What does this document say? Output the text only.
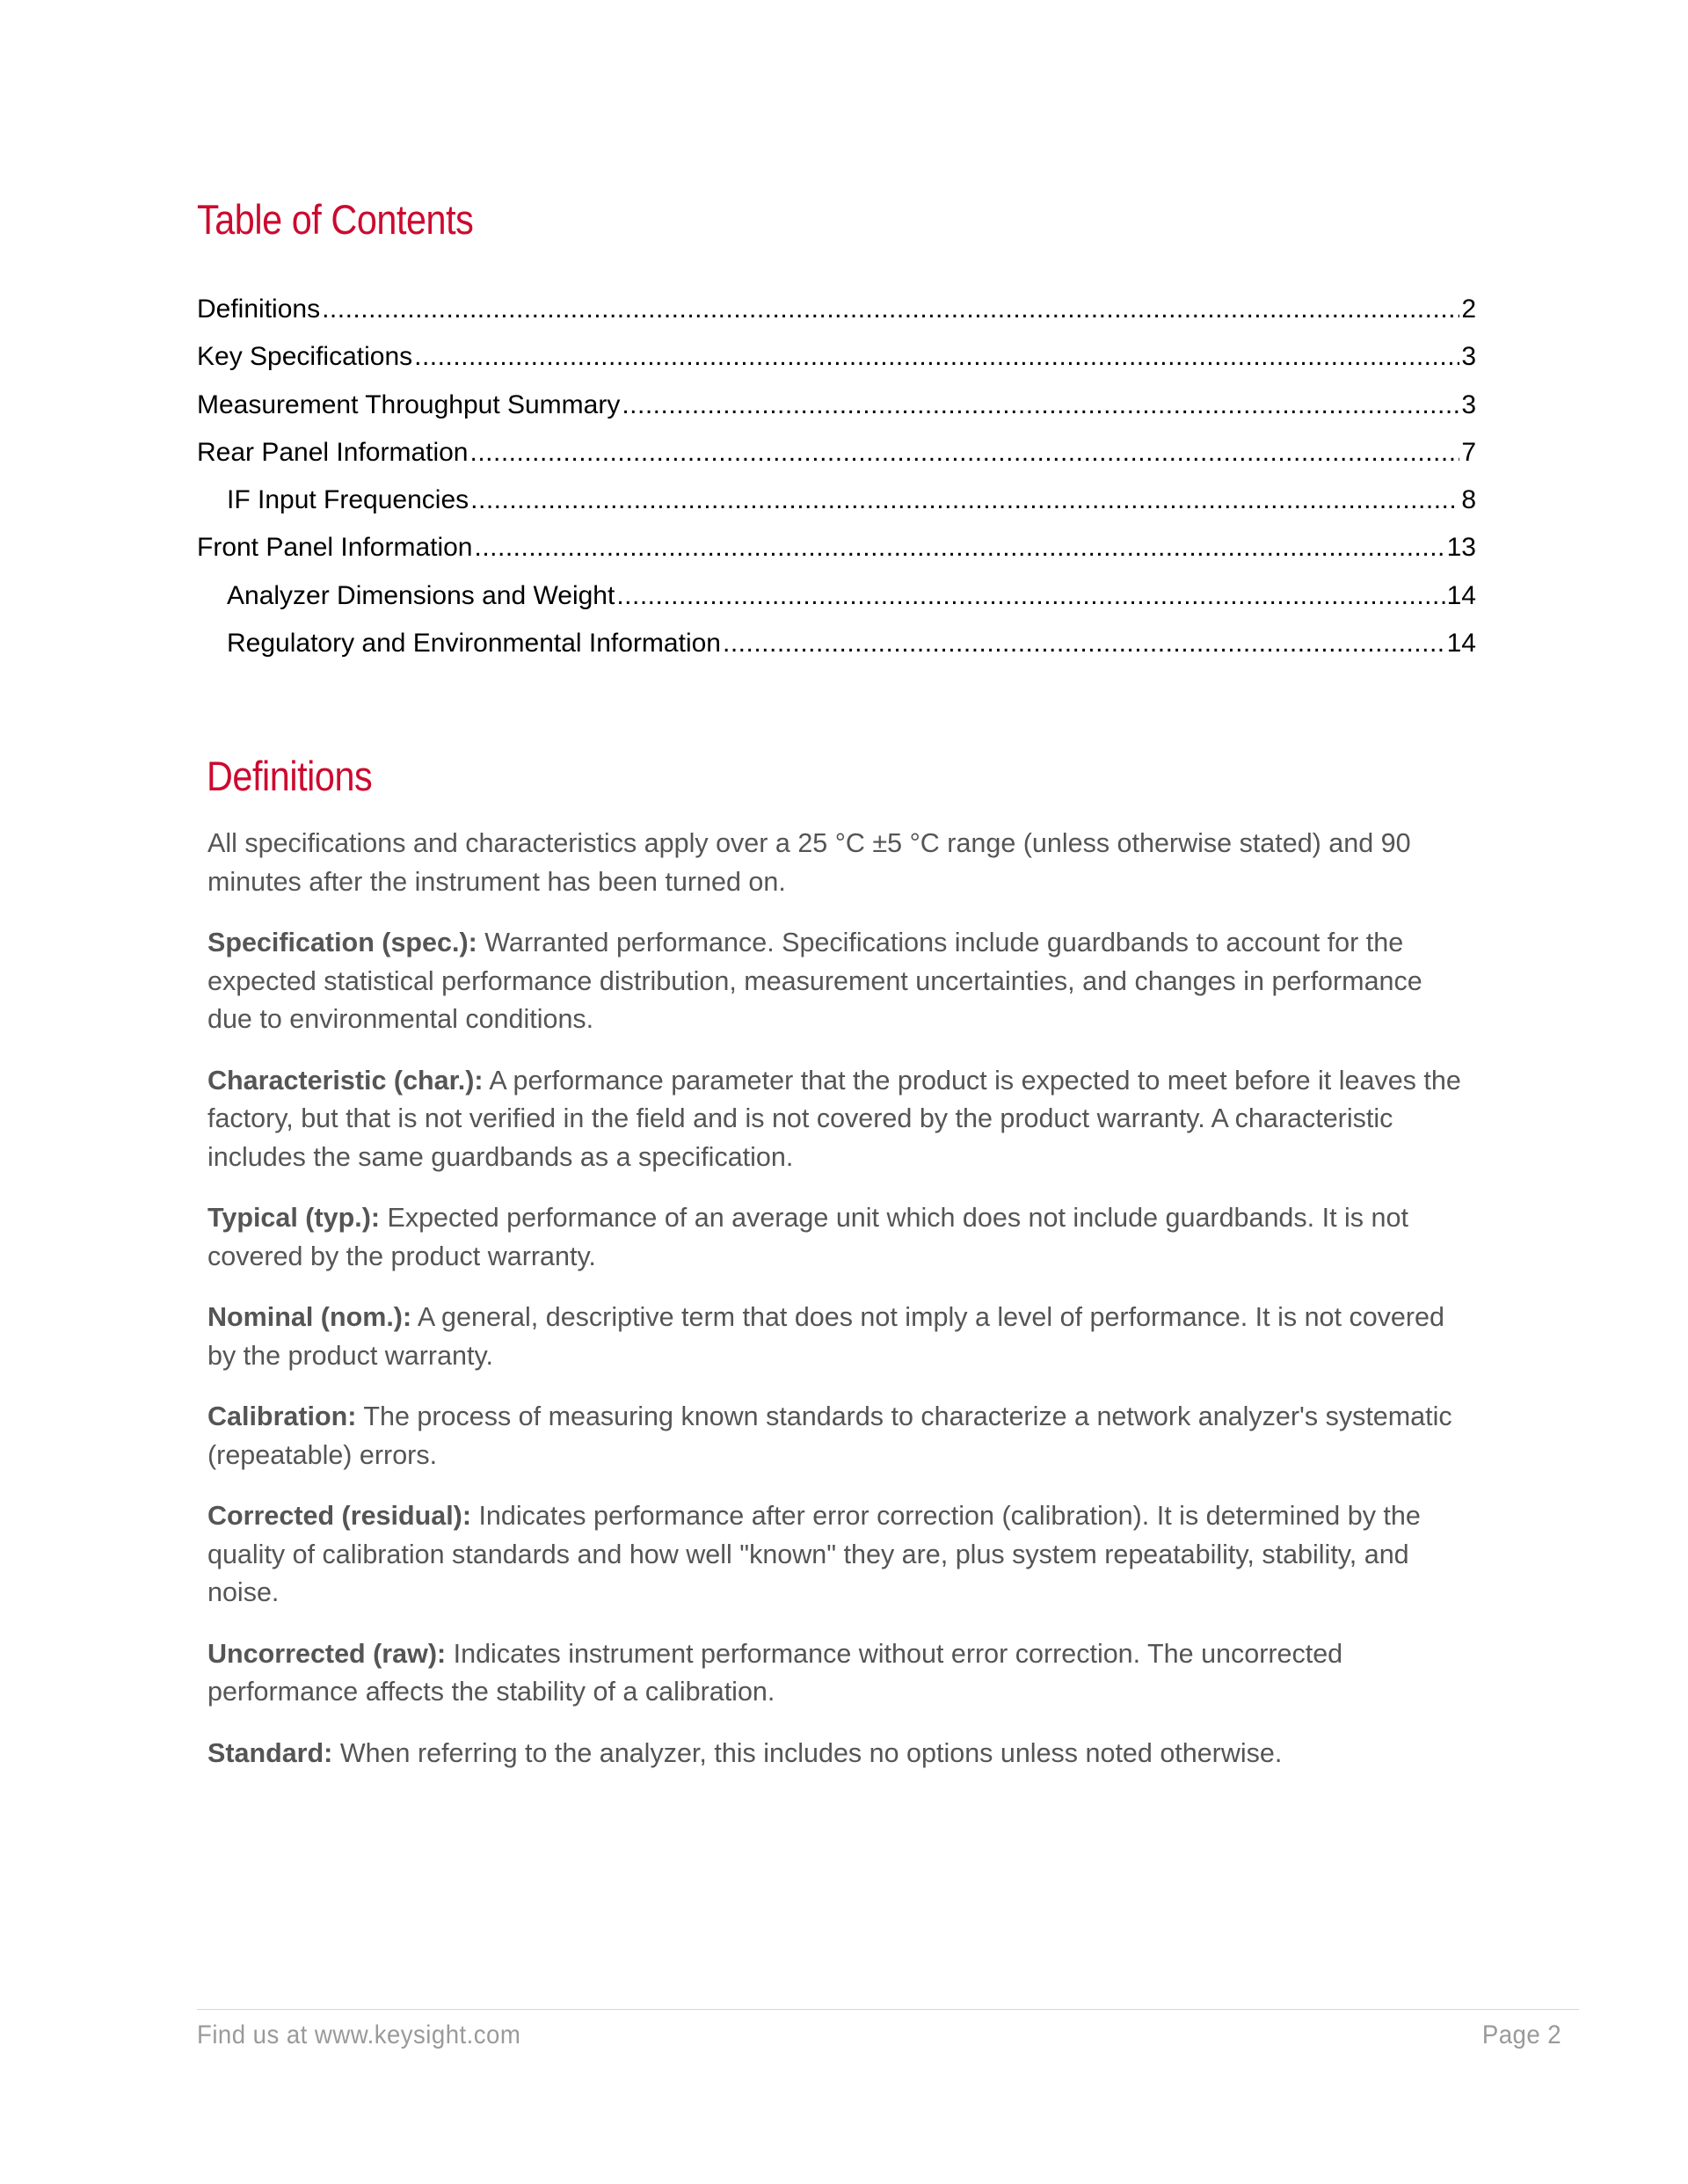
Table of Contents
Definitions .....	2
Key Specifications .....	3
Measurement Throughput Summary .....	3
Rear Panel Information .....	7
IF Input Frequencies .....	8
Front Panel Information .....	13
Analyzer Dimensions and Weight .....	14
Regulatory and Environmental Information .....	14
Definitions

All specifications and characteristics apply over a 25 °C ±5 °C range (unless otherwise stated) and 90 minutes after the instrument has been turned on.

Specification (spec.): Warranted performance. Specifications include guardbands to account for the expected statistical performance distribution, measurement uncertainties, and changes in performance due to environmental conditions.

Characteristic (char.): A performance parameter that the product is expected to meet before it leaves the factory, but that is not verified in the field and is not covered by the product warranty. A characteristic includes the same guardbands as a specification.

Typical (typ.): Expected performance of an average unit which does not include guardbands. It is not covered by the product warranty.

Nominal (nom.): A general, descriptive term that does not imply a level of performance. It is not covered by the product warranty.

Calibration: The process of measuring known standards to characterize a network analyzer's systematic (repeatable) errors.

Corrected (residual): Indicates performance after error correction (calibration). It is determined by the quality of calibration standards and how well "known" they are, plus system repeatability, stability, and noise.

Uncorrected (raw): Indicates instrument performance without error correction. The uncorrected performance affects the stability of a calibration.

Standard: When referring to the analyzer, this includes no options unless noted otherwise.

Find us at www.keysight.com	Page 2
